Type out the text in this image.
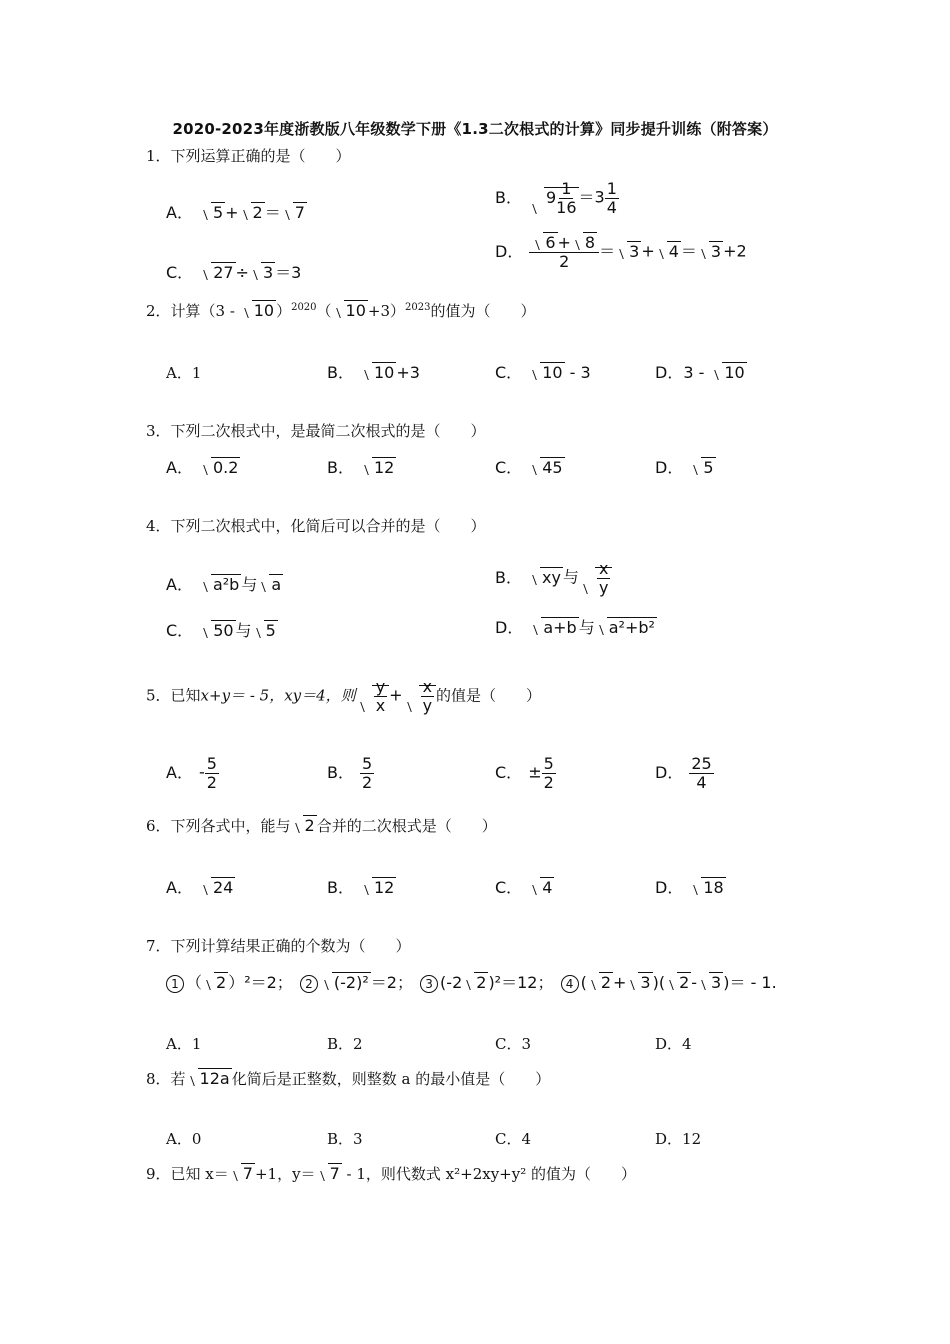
2020-2023年度浙教版八年级数学下册《1.3二次根式的计算》同步提升训练（附答案）
1．下列运算正确的是（　　）
A． 5 + 2 ＝ 7
B． $9 \frac{1}{16} =3 \frac{1}{4}$
C． 27 ÷ 3 ＝3
D． $\frac{6 + 8}{2} = 3 + 4 = 3 +2$
2．计算（3 - 10 ）$^{2020}$（ 10 +3）$^{2023}$的值为（　　）
A．1	B． 10 +3	C． 10 - 3	D．3 -10
3．下列二次根式中，是最简二次根式的是（　　）
A． 0.2	B． 12	C． 45	D． 5
4．下列二次根式中，化简后可以合并的是（　　）
A． a²b 与 a	B． xy 与 $\frac{x}{y}$
C． 50 与 5	D． a+b 与 a²+b²
5．已知x+y＝ - 5，xy＝4，则 $\frac{y}{x} + \frac{x}{y}$ 的值是（　　）
A． - $\frac{5}{2}$	B． $\frac{5}{2}$	C． ± $\frac{5}{2}$	D． $\frac{25}{4}$
6．下列各式中，能与 2 合并的二次根式是（　　）
A． 24	B． 12	C． 4	D． 18
7．下列计算结果正确的个数为（　　）
1 （ 2 ）²＝2； 2 (-2)² ＝2； 3 (-2 2 )²＝12； 4 ( 2 + 3 )( 2 - 3 )＝ - 1.
A．1	B．2	C．3	D．4
8．若 12a 化简后是正整数，则整数 a 的最小值是（　　）
A．0	B．3	C．4	D．12
9．已知 x＝ 7 +1，y＝ 7 - 1，则代数式 x²+2xy+y² 的值为（　　）
